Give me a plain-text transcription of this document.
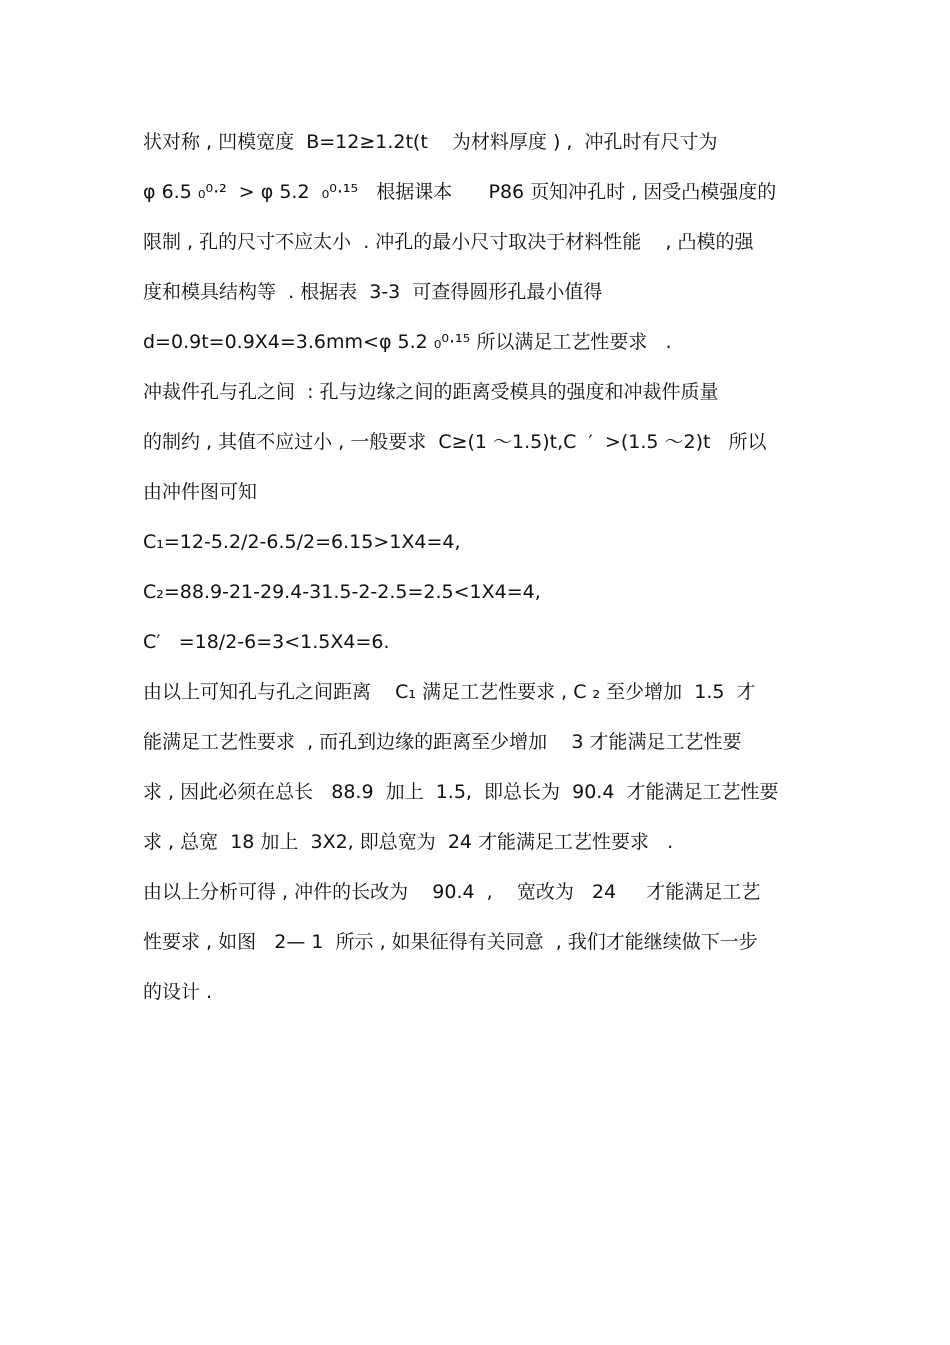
状对称 , 凹模宽度  B=12≥1.2t(t    为材料厚度 ) ,  冲孔时有尺寸为
φ 6.5 ₀⁰·²  > φ 5.2  ₀⁰·¹⁵   根据课本      P86 页知冲孔时 , 因受凸模强度的
限制 , 孔的尺寸不应太小  . 冲孔的最小尺寸取决于材料性能    , 凸模的强
度和模具结构等  . 根据表  3-3  可查得圆形孔最小值得
d=0.9t=0.9X4=3.6mm<φ 5.2 ₀⁰·¹⁵ 所以满足工艺性要求   .
冲裁件孔与孔之间  : 孔与边缘之间的距离受模具的强度和冲裁件质量
的制约 , 其值不应过小 , 一般要求  C≥(1 ～1.5)t,C  ′  >(1.5 ～2)t   所以
由冲件图可知
C₁=12-5.2/2-6.5/2=6.15>1X4=4,
C₂=88.9-21-29.4-31.5-2-2.5=2.5<1X4=4,
C′   =18/2-6=3<1.5X4=6.
由以上可知孔与孔之间距离    C₁ 满足工艺性要求 , C ₂ 至少增加  1.5  才
能满足工艺性要求  , 而孔到边缘的距离至少增加    3 才能满足工艺性要
求 , 因此必须在总长   88.9  加上  1.5,  即总长为  90.4  才能满足工艺性要
求 , 总宽  18 加上  3X2, 即总宽为  24 才能满足工艺性要求   .
由以上分析可得 , 冲件的长改为    90.4  ,    宽改为   24     才能满足工艺
性要求 , 如图   2— 1  所示 , 如果征得有关同意  , 我们才能继续做下一步
的设计 .
